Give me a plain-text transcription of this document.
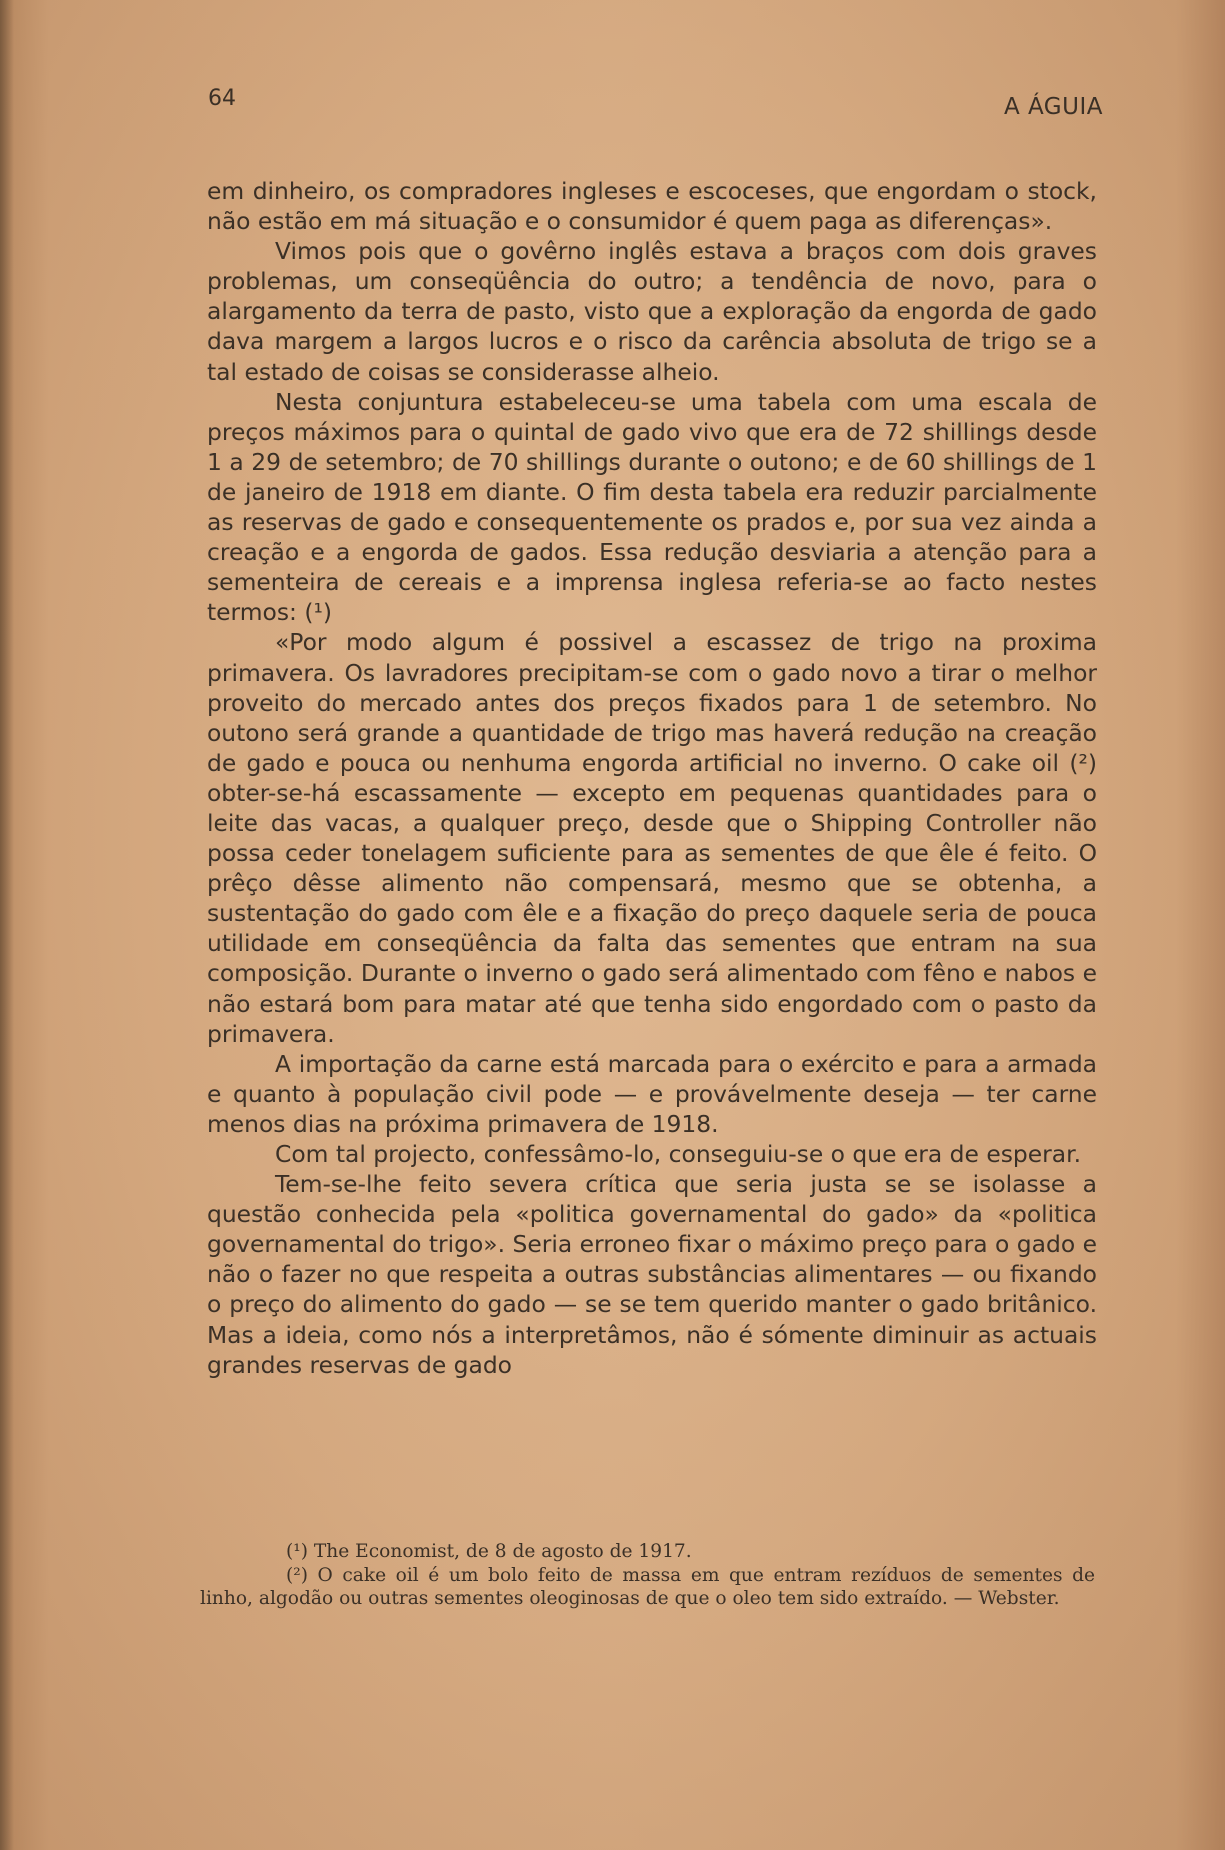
64	A ÁGUIA

em dinheiro, os compradores ingleses e escoceses, que engordam o stock, não estão em má situação e o consumidor é quem paga as diferenças».

Vimos pois que o govêrno inglês estava a braços com dois graves problemas, um conseqüência do outro; a tendência de novo, para o alargamento da terra de pasto, visto que a exploração da engorda de gado dava margem a largos lucros e o risco da carência absoluta de trigo se a tal estado de coisas se considerasse alheio.

Nesta conjuntura estabeleceu-se uma tabela com uma escala de preços máximos para o quintal de gado vivo que era de 72 shillings desde 1 a 29 de setembro; de 70 shillings durante o outono; e de 60 shillings de 1 de janeiro de 1918 em diante. O fim desta tabela era reduzir parcialmente as reservas de gado e consequentemente os prados e, por sua vez ainda a creação e a engorda de gados. Essa redução desviaria a atenção para a sementeira de cereais e a imprensa inglesa referia-se ao facto nestes termos: (¹)

«Por modo algum é possivel a escassez de trigo na proxima primavera. Os lavradores precipitam-se com o gado novo a tirar o melhor proveito do mercado antes dos preços fixados para 1 de setembro. No outono será grande a quantidade de trigo mas haverá redução na creação de gado e pouca ou nenhuma engorda artificial no inverno. O cake oil (²) obter-se-há escassamente — excepto em pequenas quantidades para o leite das vacas, a qualquer preço, desde que o Shipping Controller não possa ceder tonelagem suficiente para as sementes de que êle é feito. O prêço dêsse alimento não compensará, mesmo que se obtenha, a sustentação do gado com êle e a fixação do preço daquele seria de pouca utilidade em conseqüência da falta das sementes que entram na sua composição. Durante o inverno o gado será alimentado com fêno e nabos e não estará bom para matar até que tenha sido engordado com o pasto da primavera.

A importação da carne está marcada para o exército e para a armada e quanto à população civil pode — e provávelmente deseja — ter carne menos dias na próxima primavera de 1918.

Com tal projecto, confessâmo-lo, conseguiu-se o que era de esperar.

Tem-se-lhe feito severa crítica que seria justa se se isolasse a questão conhecida pela «politica governamental do gado» da «politica governamental do trigo». Seria erroneo fixar o máximo preço para o gado e não o fazer no que respeita a outras substâncias alimentares — ou fixando o preço do alimento do gado — se se tem querido manter o gado britânico. Mas a ideia, como nós a interpretâmos, não é sómente diminuir as actuais grandes reservas de gado

(¹) The Economist, de 8 de agosto de 1917.

(²) O cake oil é um bolo feito de massa em que entram rezíduos de sementes de linho, algodão ou outras sementes oleoginosas de que o oleo tem sido extraído. — Webster.
